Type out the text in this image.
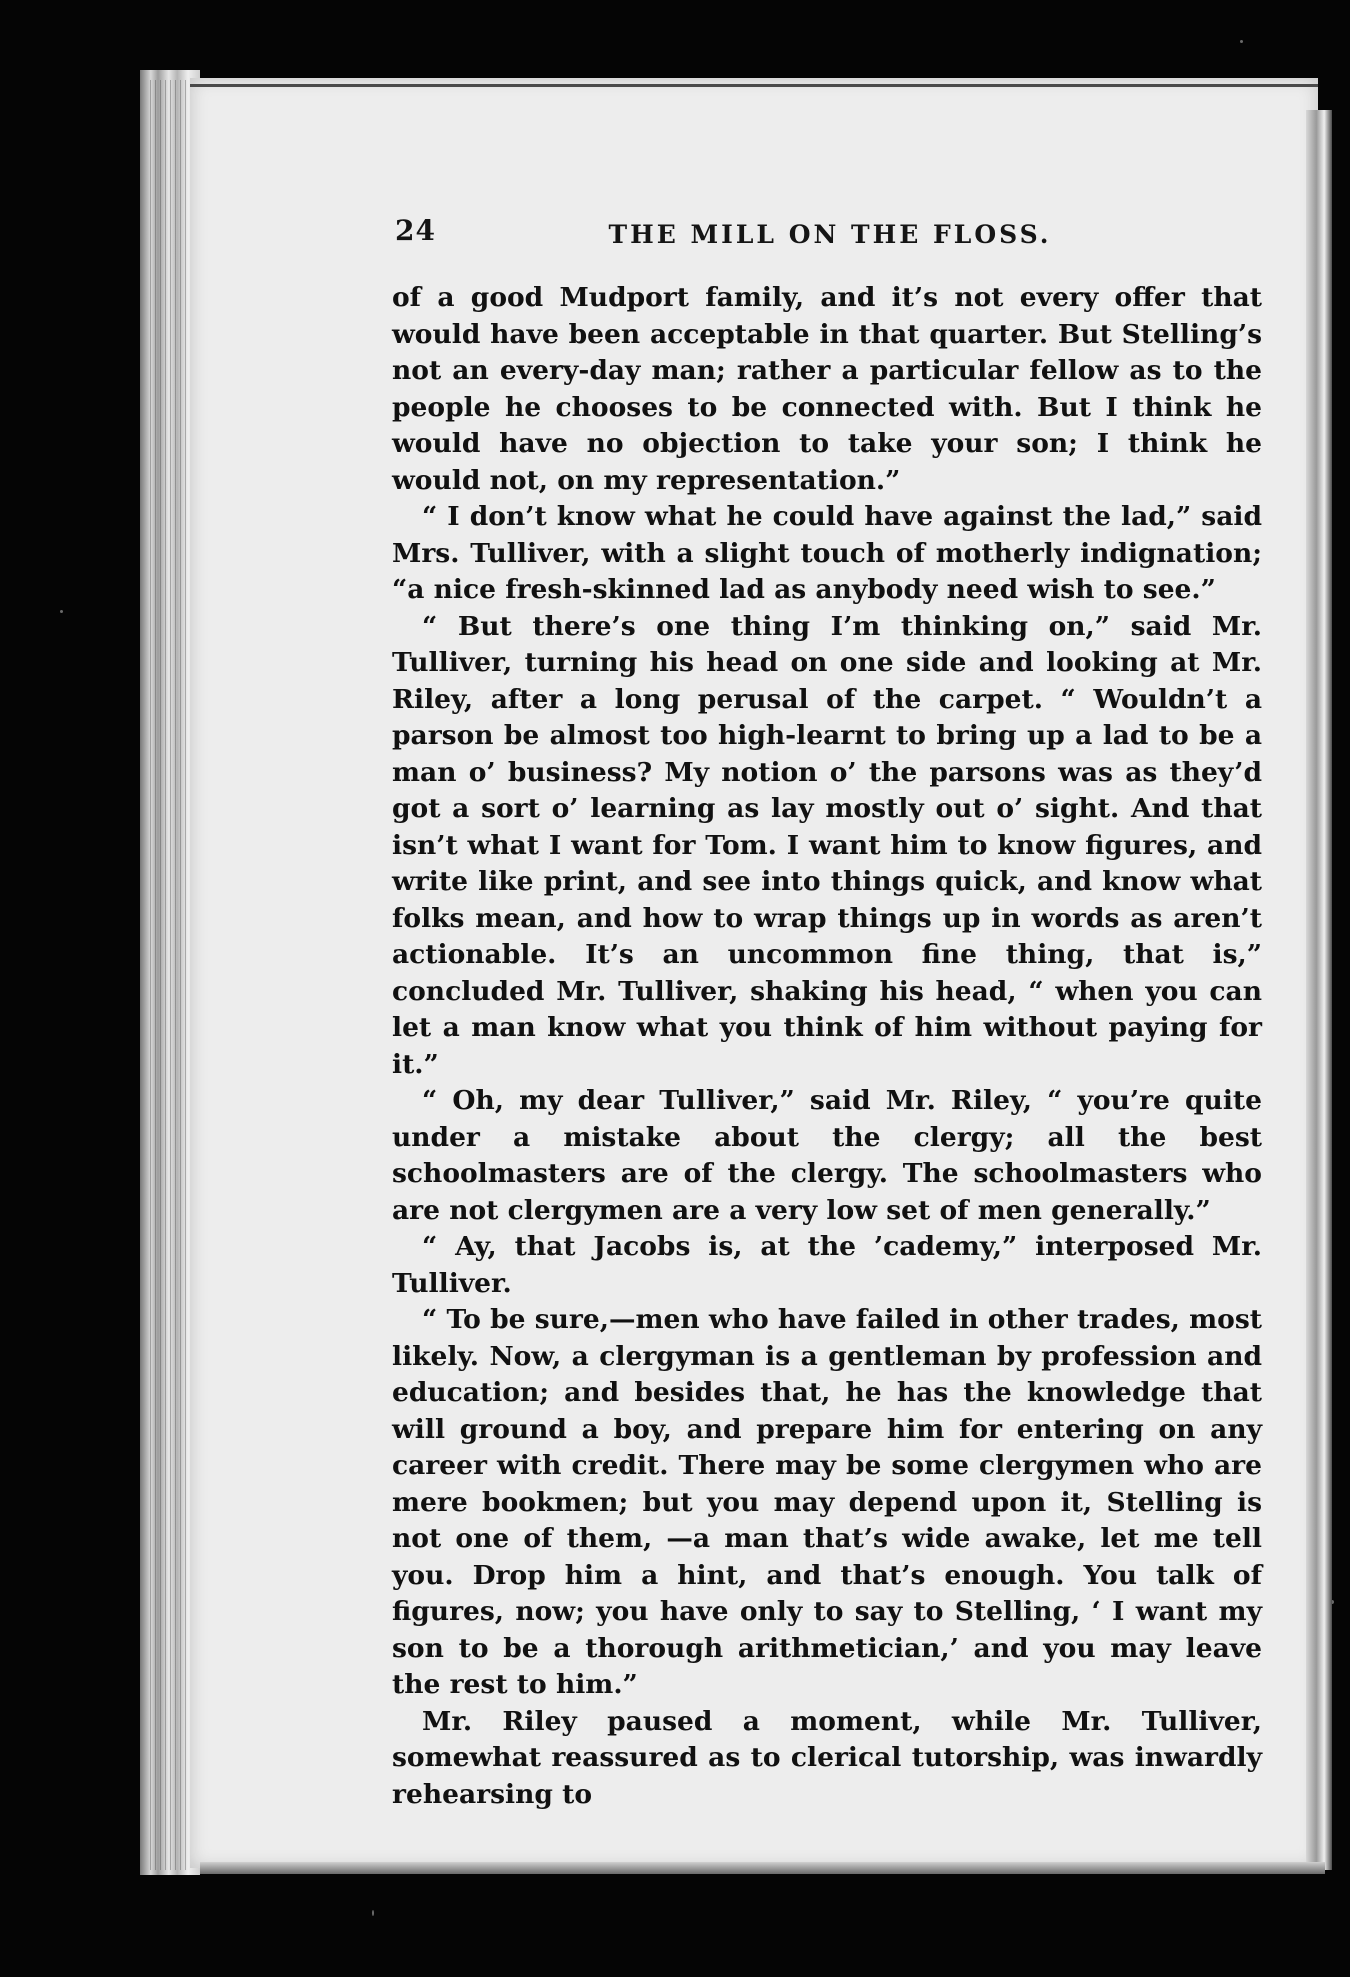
24	THE MILL ON THE FLOSS.

of a good Mudport family, and it’s not every offer that would have been acceptable in that quarter. But Stelling’s not an every-day man; rather a particular fellow as to the people he chooses to be connected with. But I think he would have no objection to take your son; I think he would not, on my representation.”

“ I don’t know what he could have against the lad,” said Mrs. Tulliver, with a slight touch of motherly indignation; “a nice fresh-skinned lad as anybody need wish to see.”

“ But there’s one thing I’m thinking on,” said Mr. Tulliver, turning his head on one side and looking at Mr. Riley, after a long perusal of the carpet. “ Wouldn’t a parson be almost too high-learnt to bring up a lad to be a man o’ business? My notion o’ the parsons was as they’d got a sort o’ learning as lay mostly out o’ sight. And that isn’t what I want for Tom. I want him to know figures, and write like print, and see into things quick, and know what folks mean, and how to wrap things up in words as aren’t actionable. It’s an uncommon fine thing, that is,” concluded Mr. Tulliver, shaking his head, “ when you can let a man know what you think of him without paying for it.”

“ Oh, my dear Tulliver,” said Mr. Riley, “ you’re quite under a mistake about the clergy; all the best schoolmasters are of the clergy. The schoolmasters who are not clergymen are a very low set of men generally.”

“ Ay, that Jacobs is, at the ’cademy,” interposed Mr. Tulliver.

“ To be sure,—men who have failed in other trades, most likely. Now, a clergyman is a gentleman by profession and education; and besides that, he has the knowledge that will ground a boy, and prepare him for entering on any career with credit. There may be some clergymen who are mere bookmen; but you may depend upon it, Stelling is not one of them, —a man that’s wide awake, let me tell you. Drop him a hint, and that’s enough. You talk of figures, now; you have only to say to Stelling, ‘ I want my son to be a thorough arithmetician,’ and you may leave the rest to him.”

Mr. Riley paused a moment, while Mr. Tulliver, somewhat reassured as to clerical tutorship, was inwardly rehearsing to
